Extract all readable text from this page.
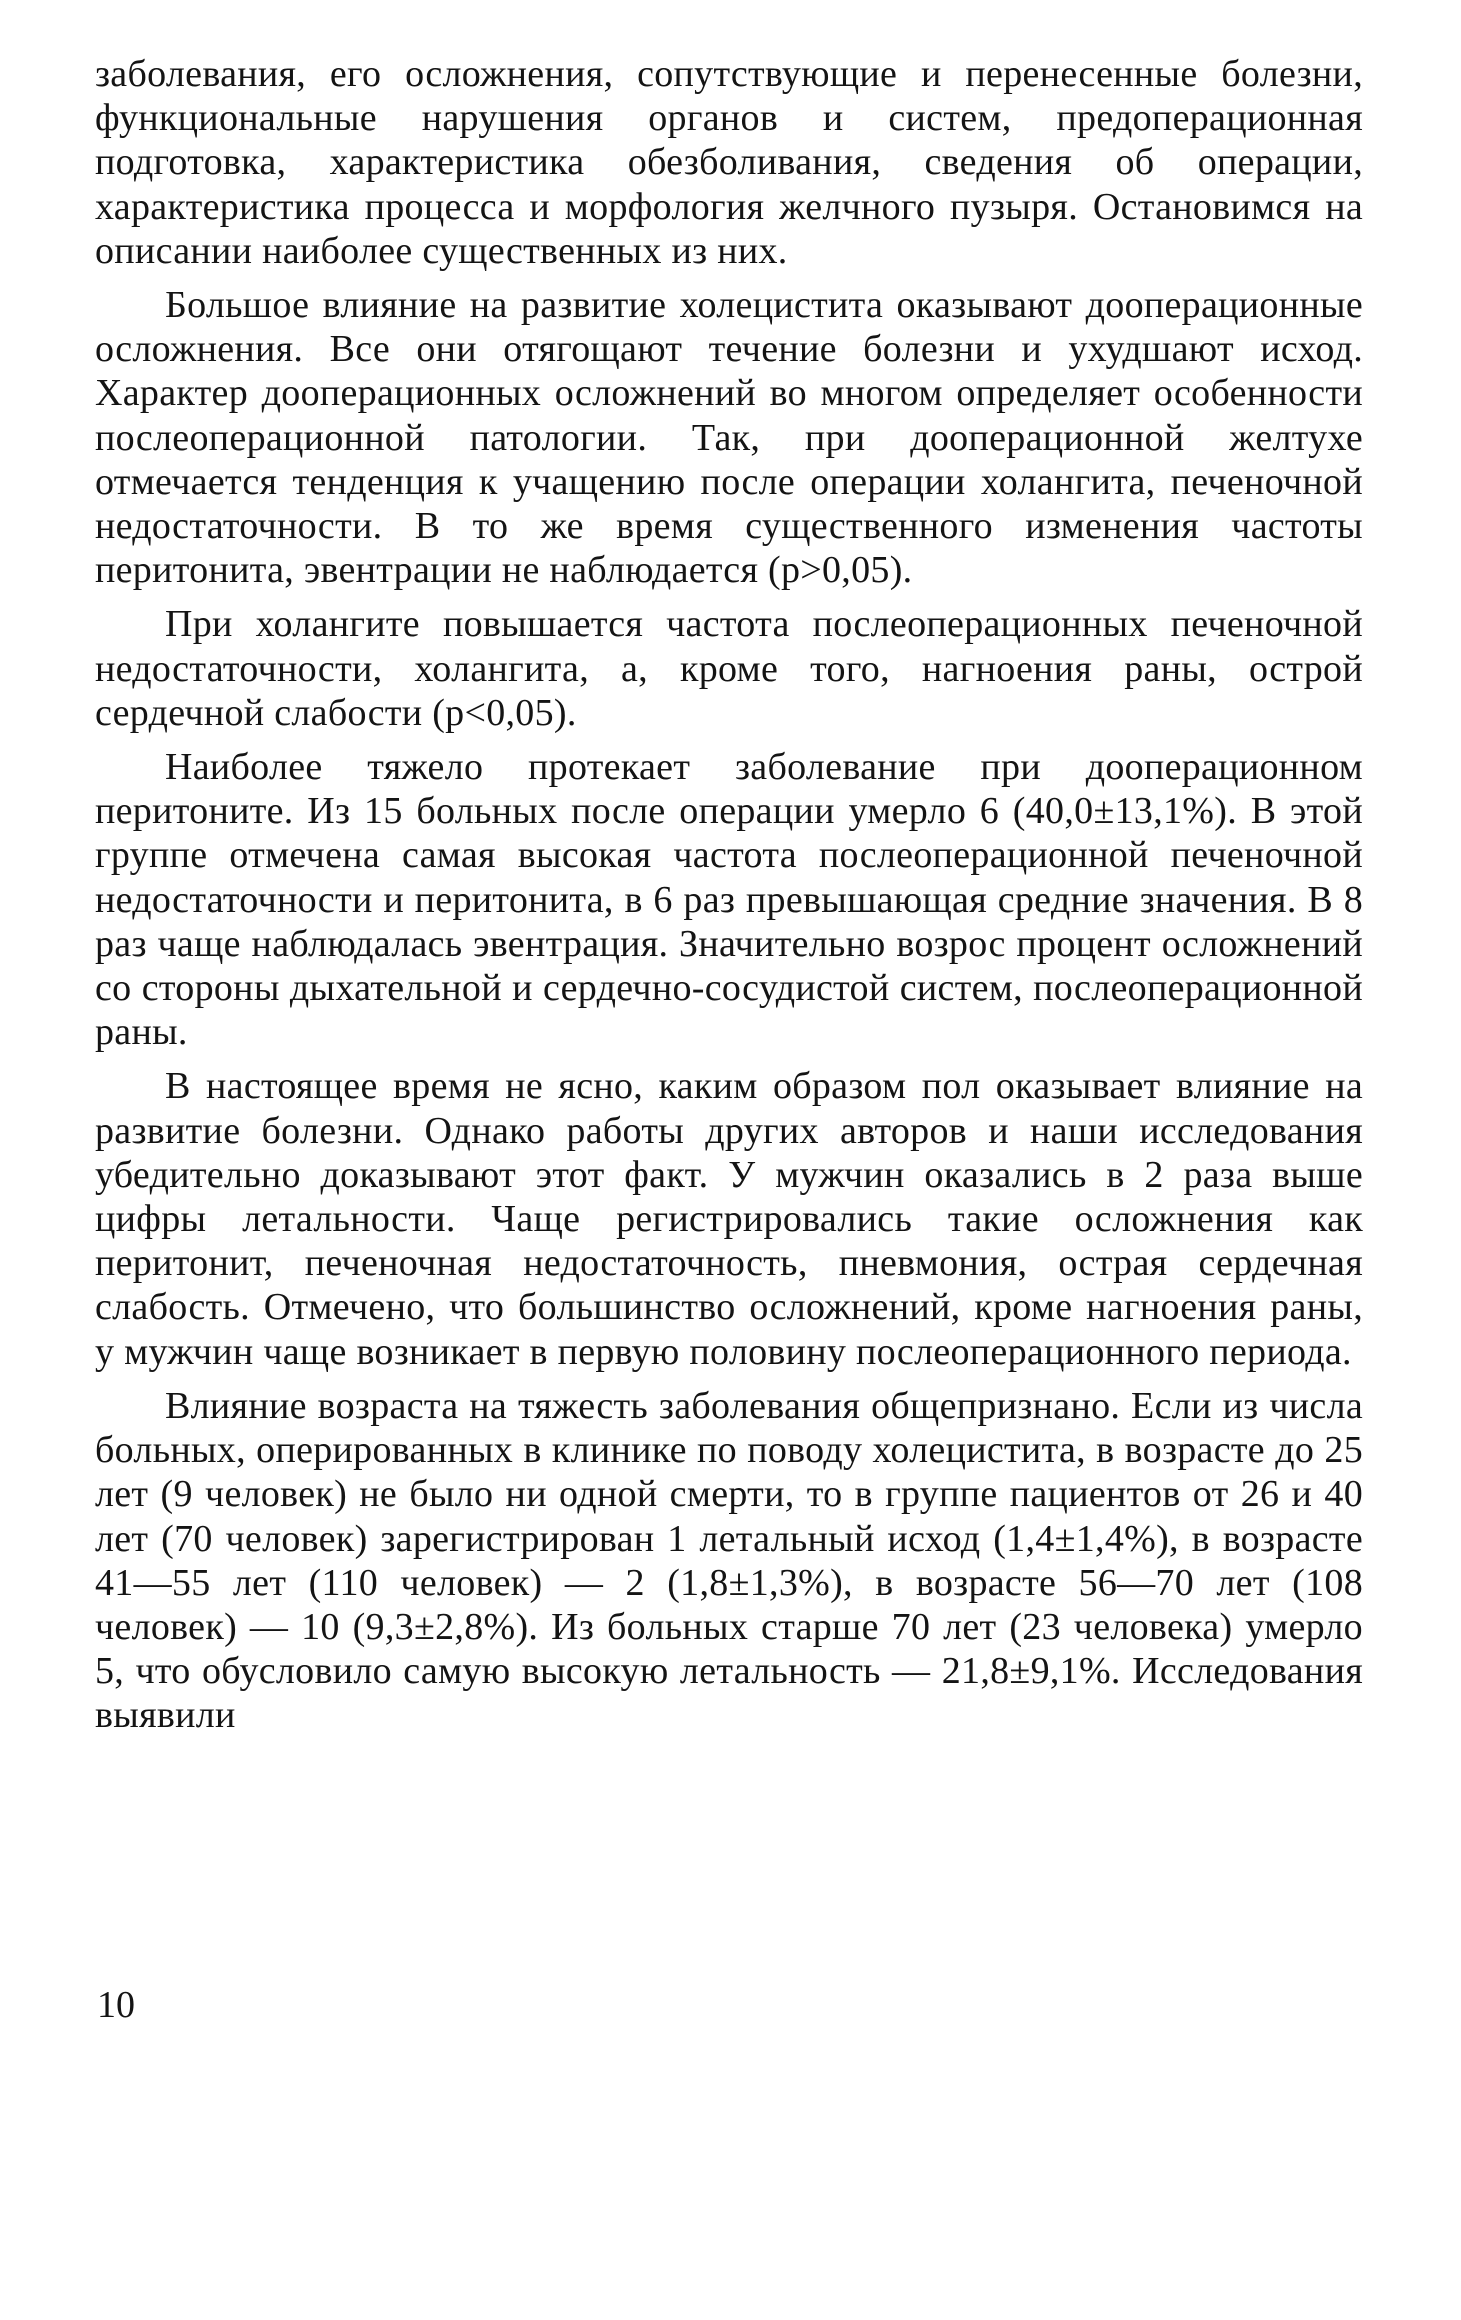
заболевания, его осложнения, сопутствующие и перенесенные болезни, функциональные нарушения органов и систем, предоперационная подготовка, характеристика обезболивания, сведения об операции, характеристика процесса и морфология желчного пузыря. Остановимся на описании наиболее существенных из них.

Большое влияние на развитие холецистита оказывают дооперационные осложнения. Все они отягощают течение болезни и ухудшают исход. Характер дооперационных осложнений во многом определяет особенности послеоперационной патологии. Так, при дооперационной желтухе отмечается тенденция к учащению после операции холангита, печеночной недостаточности. В то же время существенного изменения частоты перитонита, эвентрации не наблюдается (р>0,05).

При холангите повышается частота послеоперационных печеночной недостаточности, холангита, а, кроме того, нагноения раны, острой сердечной слабости (р<0,05).

Наиболее тяжело протекает заболевание при дооперационном перитоните. Из 15 больных после операции умерло 6 (40,0±13,1%). В этой группе отмечена самая высокая частота послеоперационной печеночной недостаточности и перитонита, в 6 раз превышающая средние значения. В 8 раз чаще наблюдалась эвентрация. Значительно возрос процент осложнений со стороны дыхательной и сердечно-сосудистой систем, послеоперационной раны.

В настоящее время не ясно, каким образом пол оказывает влияние на развитие болезни. Однако работы других авторов и наши исследования убедительно доказывают этот факт. У мужчин оказались в 2 раза выше цифры летальности. Чаще регистрировались такие осложнения как перитонит, печеночная недостаточность, пневмония, острая сердечная слабость. Отмечено, что большинство осложнений, кроме нагноения раны, у мужчин чаще возникает в первую половину послеоперационного периода.

Влияние возраста на тяжесть заболевания общепризнано. Если из числа больных, оперированных в клинике по поводу холецистита, в возрасте до 25 лет (9 человек) не было ни одной смерти, то в группе пациентов от 26 и 40 лет (70 человек) зарегистрирован 1 летальный исход (1,4±1,4%), в возрасте 41—55 лет (110 человек) — 2 (1,8±1,3%), в возрасте 56—70 лет (108 человек) — 10 (9,3±2,8%). Из больных старше 70 лет (23 человека) умерло 5, что обусловило самую высокую летальность — 21,8±9,1%. Исследования выявили

10
